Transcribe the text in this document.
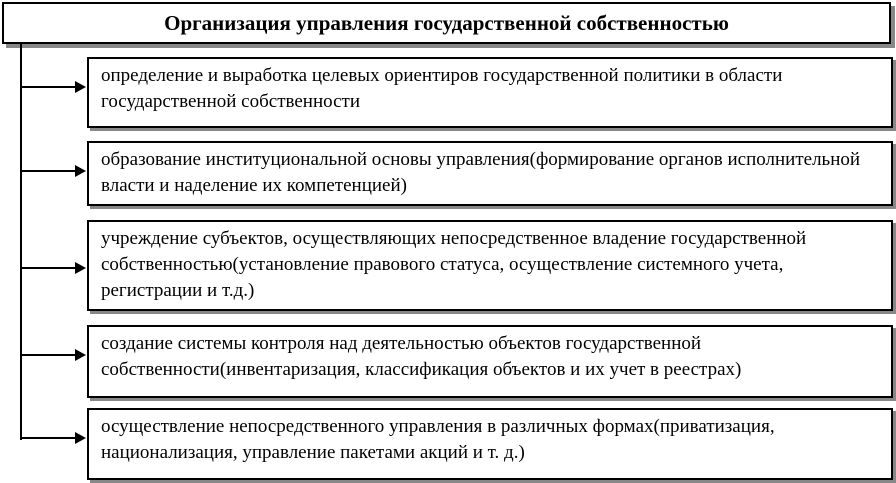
Организация управления государственной собственностью
определение и выработка целевых ориентиров государственной политики в области государственной собственности
образование институциональной основы управления(формирование органов исполнительной власти и наделение их компетенцией)
учреждение субъектов, осуществляющих непосредственное владение государственной собственностью(установление правового статуса, осуществление системного учета, регистрации и т.д.)
создание системы контроля над деятельностью объектов государственной собственности(инвентаризация, классификация объектов и их учет в реестрах)
осуществление непосредственного управления в различных формах(приватизация, национализация, управление пакетами акций и т. д.)
